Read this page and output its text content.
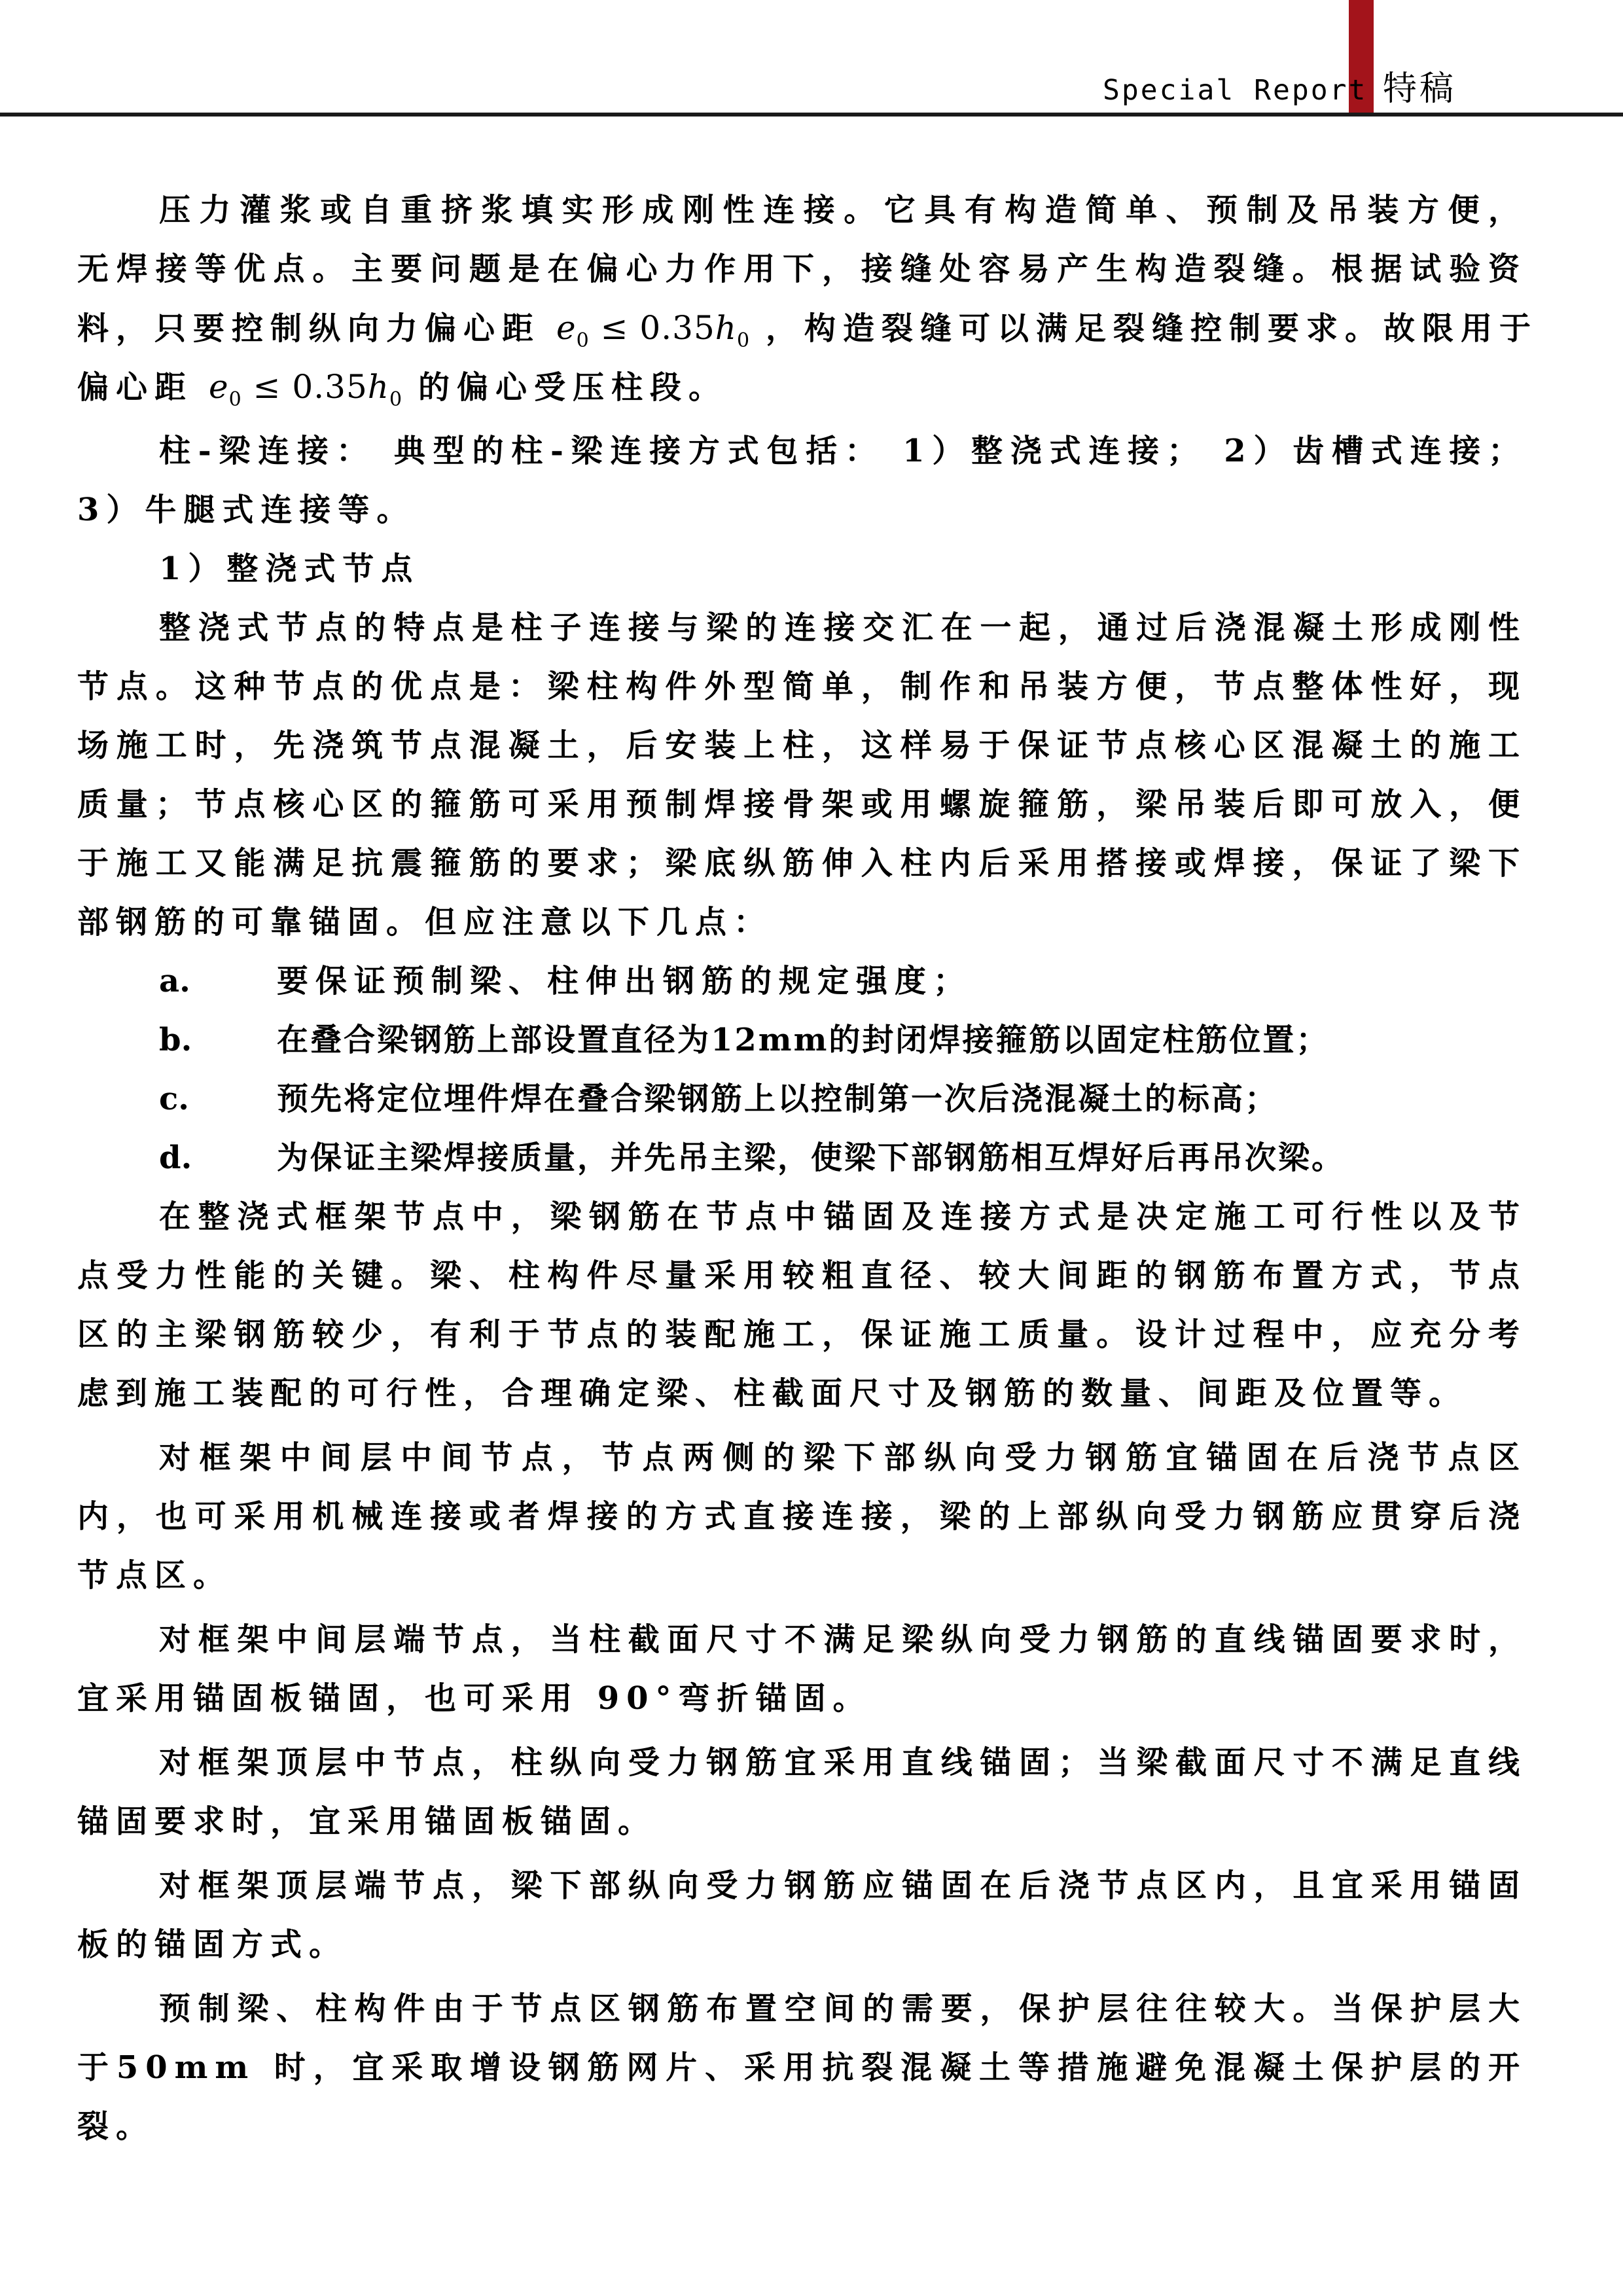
Special Report 特稿
压力灌浆或自重挤浆填实形成刚性连接。它具有构造简单、预制及吊装方便，
无焊接等优点。主要问题是在偏心力作用下，接缝处容易产生构造裂缝。根据试验资
料，只要控制纵向力偏心距 $e_0 \le 0.35h_0$ ，构造裂缝可以满足裂缝控制要求。故限用于
偏心距 $e_0 \le 0.35h_0$ 的偏心受压柱段。
柱-梁连接： 典型的柱-梁连接方式包括： 1）整浇式连接； 2）齿槽式连接；
3）牛腿式连接等。
1）整浇式节点
整浇式节点的特点是柱子连接与梁的连接交汇在一起，通过后浇混凝土形成刚性
节点。这种节点的优点是：梁柱构件外型简单，制作和吊装方便，节点整体性好，现
场施工时，先浇筑节点混凝土，后安装上柱，这样易于保证节点核心区混凝土的施工
质量；节点核心区的箍筋可采用预制焊接骨架或用螺旋箍筋，梁吊装后即可放入，便
于施工又能满足抗震箍筋的要求；梁底纵筋伸入柱内后采用搭接或焊接，保证了梁下
部钢筋的可靠锚固。但应注意以下几点：
a.	要保证预制梁、柱伸出钢筋的规定强度；
b.	在叠合梁钢筋上部设置直径为12mm的封闭焊接箍筋以固定柱筋位置；
c.	预先将定位埋件焊在叠合梁钢筋上以控制第一次后浇混凝土的标高；
d.	为保证主梁焊接质量，并先吊主梁，使梁下部钢筋相互焊好后再吊次梁。
在整浇式框架节点中，梁钢筋在节点中锚固及连接方式是决定施工可行性以及节
点受力性能的关键。梁、柱构件尽量采用较粗直径、较大间距的钢筋布置方式，节点
区的主梁钢筋较少，有利于节点的装配施工，保证施工质量。设计过程中，应充分考
虑到施工装配的可行性，合理确定梁、柱截面尺寸及钢筋的数量、间距及位置等。
对框架中间层中间节点，节点两侧的梁下部纵向受力钢筋宜锚固在后浇节点区
内，也可采用机械连接或者焊接的方式直接连接，梁的上部纵向受力钢筋应贯穿后浇
节点区。
对框架中间层端节点，当柱截面尺寸不满足梁纵向受力钢筋的直线锚固要求时，
宜采用锚固板锚固，也可采用 90°弯折锚固。
对框架顶层中节点，柱纵向受力钢筋宜采用直线锚固；当梁截面尺寸不满足直线
锚固要求时，宜采用锚固板锚固。
对框架顶层端节点，梁下部纵向受力钢筋应锚固在后浇节点区内，且宜采用锚固
板的锚固方式。
预制梁、柱构件由于节点区钢筋布置空间的需要，保护层往往较大。当保护层大
于50mm 时，宜采取增设钢筋网片、采用抗裂混凝土等措施避免混凝土保护层的开
裂。
